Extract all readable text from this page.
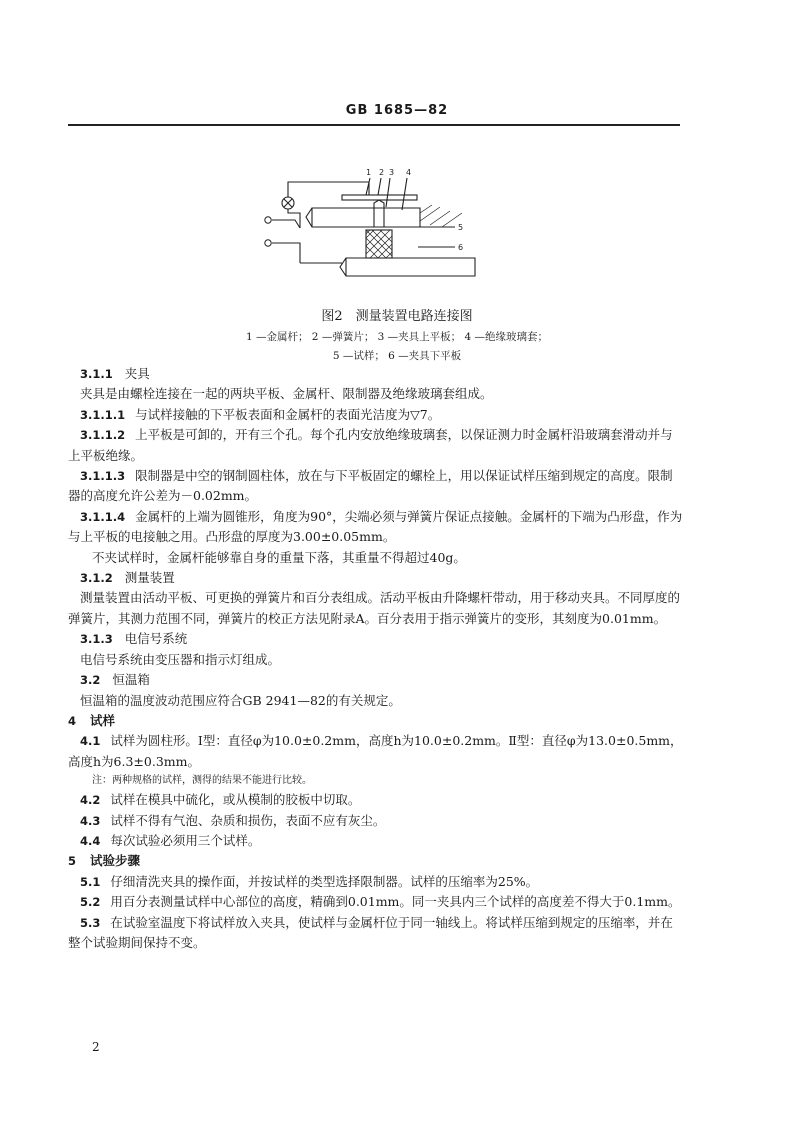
GB 1685—82
1 2 3 4
5
6
图2　测量装置电路连接图
1 —金属杆； 2 —弹簧片； 3 —夹具上平板； 4 —绝缘玻璃套；
5 —试样； 6 —夹具下平板

3.1.1 夹具

夹具是由螺栓连接在一起的两块平板、金属杆、限制器及绝缘玻璃套组成。

3.1.1.1 与试样接触的下平板表面和金属杆的表面光洁度为▽7。

3.1.1.2 上平板是可卸的，开有三个孔。每个孔内安放绝缘玻璃套，以保证测力时金属杆沿玻璃套滑动并与上平板绝缘。

3.1.1.3 限制器是中空的钢制圆柱体，放在与下平板固定的螺栓上，用以保证试样压缩到规定的高度。限制器的高度允许公差为－0.02mm。

3.1.1.4 金属杆的上端为圆锥形，角度为90°，尖端必须与弹簧片保证点接触。金属杆的下端为凸形盘，作为与上平板的电接触之用。凸形盘的厚度为3.00±0.05mm。

不夹试样时，金属杆能够靠自身的重量下落，其重量不得超过40g。

3.1.2 测量装置

测量装置由活动平板、可更换的弹簧片和百分表组成。活动平板由升降螺杆带动，用于移动夹具。不同厚度的弹簧片，其测力范围不同，弹簧片的校正方法见附录A。百分表用于指示弹簧片的变形，其刻度为0.01mm。

3.1.3 电信号系统

电信号系统由变压器和指示灯组成。

3.2 恒温箱

恒温箱的温度波动范围应符合GB 2941—82的有关规定。

4 试样

4.1 试样为圆柱形。Ⅰ型：直径φ为10.0±0.2mm，高度h为10.0±0.2mm。Ⅱ型：直径φ为13.0±0.5mm，高度h为6.3±0.3mm。

注：两种规格的试样，测得的结果不能进行比较。

4.2 试样在模具中硫化，或从模制的胶板中切取。

4.3 试样不得有气泡、杂质和损伤，表面不应有灰尘。

4.4 每次试验必须用三个试样。

5 试验步骤

5.1 仔细清洗夹具的操作面，并按试样的类型选择限制器。试样的压缩率为25%。

5.2 用百分表测量试样中心部位的高度，精确到0.01mm。同一夹具内三个试样的高度差不得大于0.1mm。

5.3 在试验室温度下将试样放入夹具，使试样与金属杆位于同一轴线上。将试样压缩到规定的压缩率，并在整个试验期间保持不变。

2
